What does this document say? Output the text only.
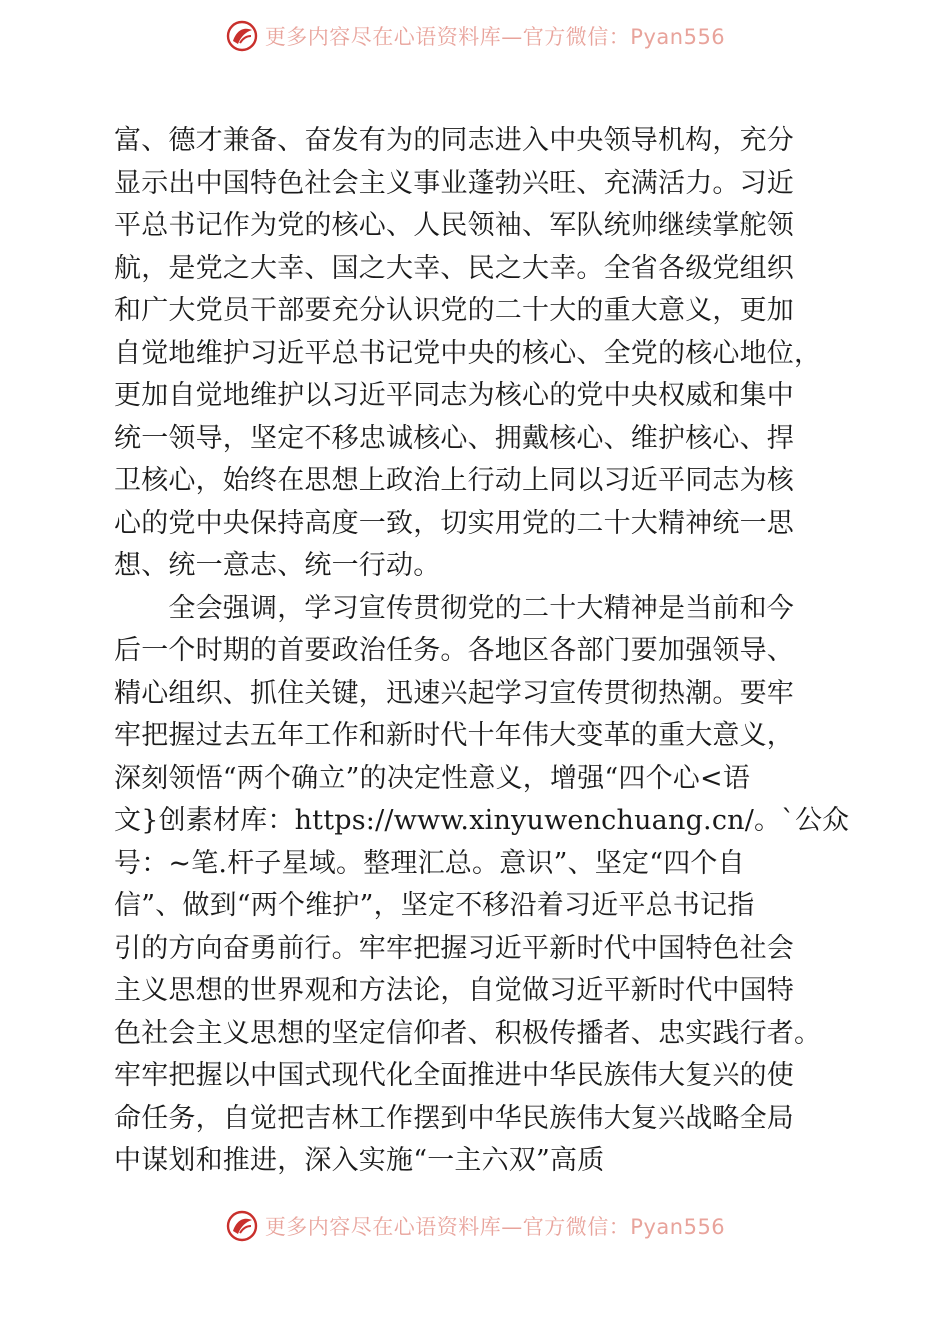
更多内容尽在心语资料库—官方微信：Pyan556
富、德才兼备、奋发有为的同志进入中央领导机构，充分
显示出中国特色社会主义事业蓬勃兴旺、充满活力。习近
平总书记作为党的核心、人民领袖、军队统帅继续掌舵领
航，是党之大幸、国之大幸、民之大幸。全省各级党组织
和广大党员干部要充分认识党的二十大的重大意义，更加
自觉地维护习近平总书记党中央的核心、全党的核心地位，
更加自觉地维护以习近平同志为核心的党中央权威和集中
统一领导，坚定不移忠诚核心、拥戴核心、维护核心、捍
卫核心，始终在思想上政治上行动上同以习近平同志为核
心的党中央保持高度一致，切实用党的二十大精神统一思
想、统一意志、统一行动。
　　全会强调，学习宣传贯彻党的二十大精神是当前和今
后一个时期的首要政治任务。各地区各部门要加强领导、
精心组织、抓住关键，迅速兴起学习宣传贯彻热潮。要牢
牢把握过去五年工作和新时代十年伟大变革的重大意义，
深刻领悟“两个确立”的决定性意义，增强“四个心<语
文}创素材库：https://www.xinyuwenchuang.cn/。`公众
号：~笔.杆子星域。整理汇总。意识”、坚定“四个自
信”、做到“两个维护”，坚定不移沿着习近平总书记指
引的方向奋勇前行。牢牢把握习近平新时代中国特色社会
主义思想的世界观和方法论，自觉做习近平新时代中国特
色社会主义思想的坚定信仰者、积极传播者、忠实践行者。
牢牢把握以中国式现代化全面推进中华民族伟大复兴的使
命任务，自觉把吉林工作摆到中华民族伟大复兴战略全局
中谋划和推进，深入实施“一主六双”高质
更多内容尽在心语资料库—官方微信：Pyan556
